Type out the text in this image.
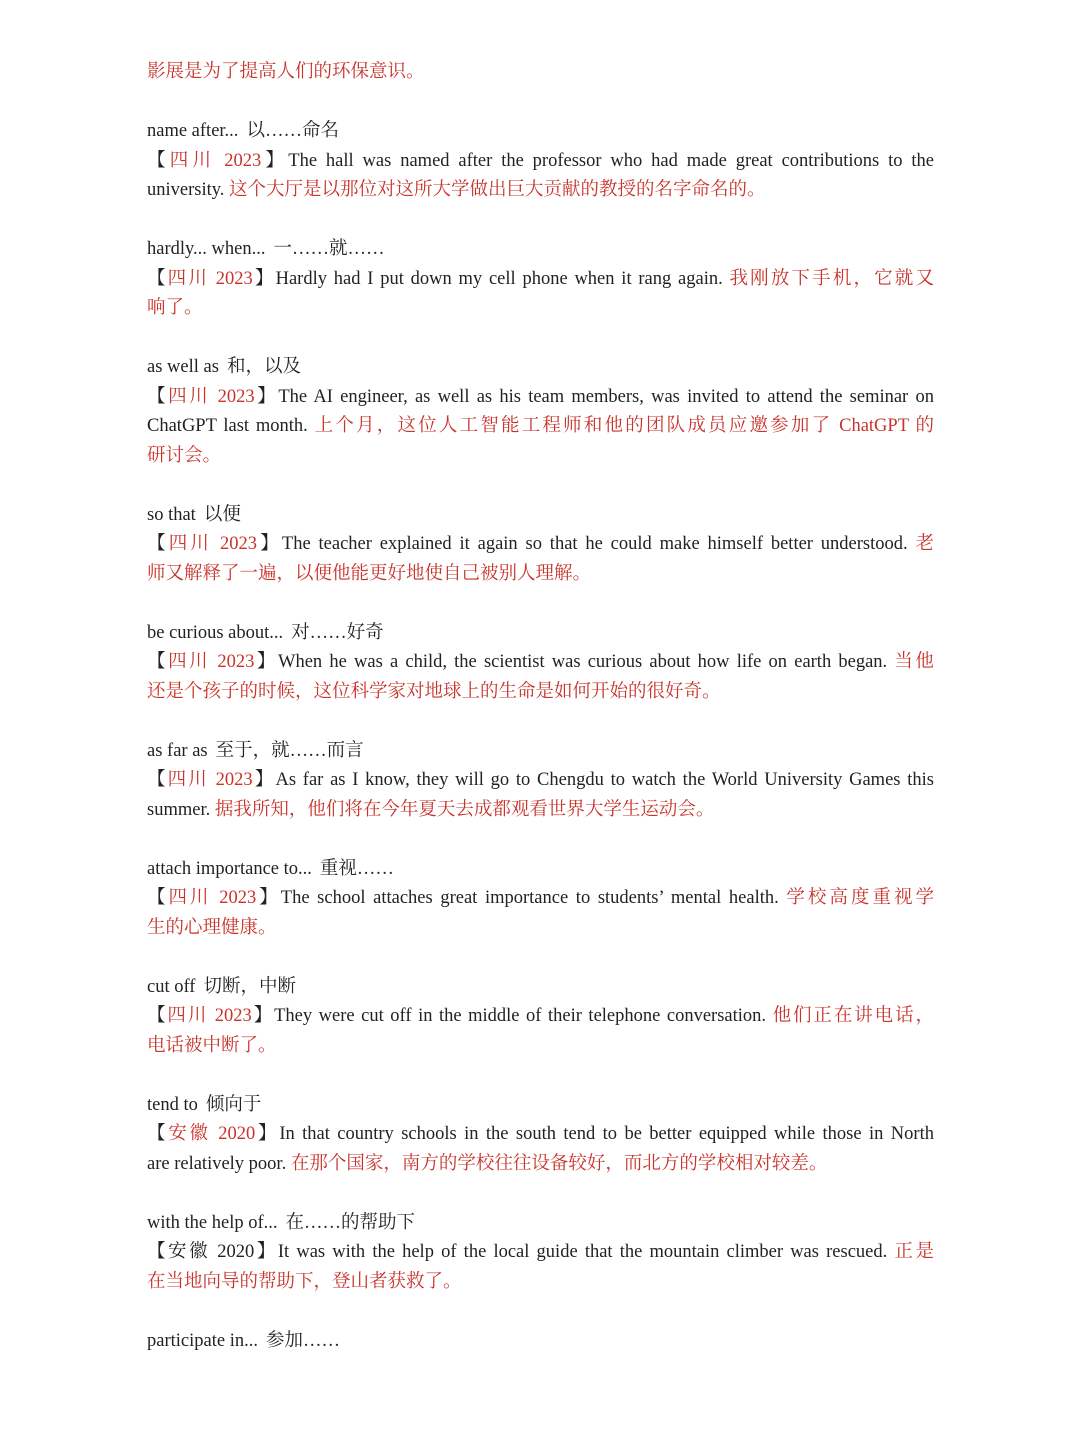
影展是为了提高人们的环保意识。
name after... 以……命名
【四川 2023】The hall was named after the professor who had made great contributions to the
university. 这个大厅是以那位对这所大学做出巨大贡献的教授的名字命名的。
hardly... when... 一……就……
【四川 2023】Hardly had I put down my cell phone when it rang again. 我刚放下手机，它就又
响了。
as well as 和，以及
【四川 2023】The AI engineer, as well as his team members, was invited to attend the seminar on
ChatGPT last month. 上个月，这位人工智能工程师和他的团队成员应邀参加了 ChatGPT 的
研讨会。
so that 以便
【四川 2023】The teacher explained it again so that he could make himself better understood. 老
师又解释了一遍，以便他能更好地使自己被别人理解。
be curious about... 对……好奇
【四川 2023】When he was a child, the scientist was curious about how life on earth began. 当他
还是个孩子的时候，这位科学家对地球上的生命是如何开始的很好奇。
as far as 至于，就……而言
【四川 2023】As far as I know, they will go to Chengdu to watch the World University Games this
summer. 据我所知，他们将在今年夏天去成都观看世界大学生运动会。
attach importance to... 重视……
【四川 2023】The school attaches great importance to students’ mental health. 学校高度重视学
生的心理健康。
cut off 切断，中断
【四川 2023】They were cut off in the middle of their telephone conversation. 他们正在讲电话，
电话被中断了。
tend to 倾向于
【安徽 2020】In that country schools in the south tend to be better equipped while those in North
are relatively poor. 在那个国家，南方的学校往往设备较好，而北方的学校相对较差。
with the help of... 在……的帮助下
【安徽 2020】It was with the help of the local guide that the mountain climber was rescued. 正是
在当地向导的帮助下，登山者获救了。
participate in... 参加……
